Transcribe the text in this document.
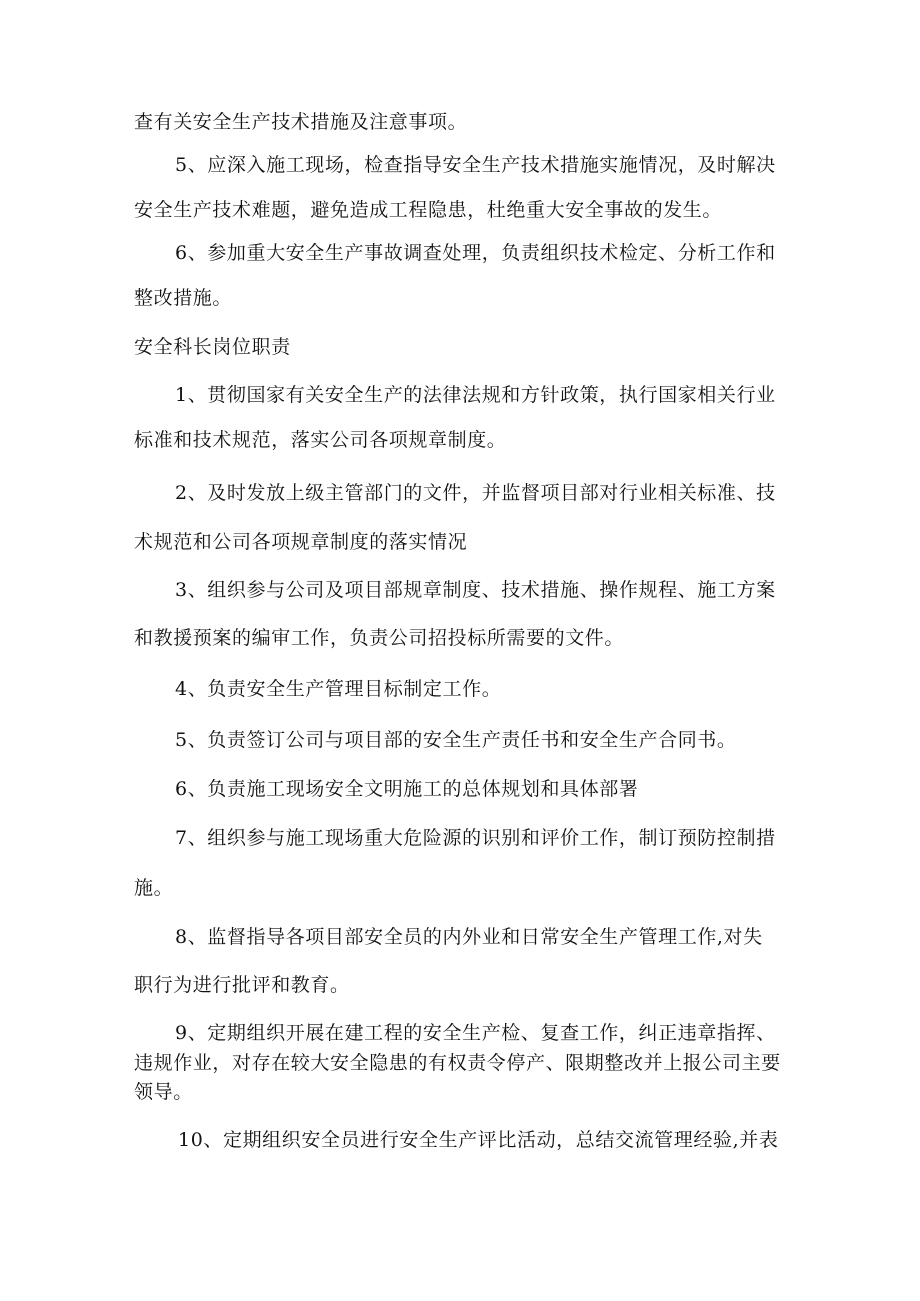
查有关安全生产技术措施及注意事项。
5、应深入施工现场，检查指导安全生产技术措施实施情况，及时解决
安全生产技术难题，避免造成工程隐患，杜绝重大安全事故的发生。
6、参加重大安全生产事故调查处理，负责组织技术检定、分析工作和
整改措施。
安全科长岗位职责
1、贯彻国家有关安全生产的法律法规和方针政策，执行国家相关行业
标准和技术规范，落实公司各项规章制度。
2、及时发放上级主管部门的文件，并监督项目部对行业相关标准、技
术规范和公司各项规章制度的落实情况
3、组织参与公司及项目部规章制度、技术措施、操作规程、施工方案
和教援预案的编审工作，负责公司招投标所需要的文件。
4、负责安全生产管理目标制定工作。
5、负责签订公司与项目部的安全生产责任书和安全生产合同书。
6、负责施工现场安全文明施工的总体规划和具体部署
7、组织参与施工现场重大危险源的识别和评价工作，制订预防控制措
施。
8、监督指导各项目部安全员的内外业和日常安全生产管理工作,对失
职行为进行批评和教育。
9、定期组织开展在建工程的安全生产检、复查工作，纠正违章指挥、
违规作业，对存在较大安全隐患的有权责令停产、限期整改并上报公司主要
领导。
10、定期组织安全员进行安全生产评比活动，总结交流管理经验,并表
